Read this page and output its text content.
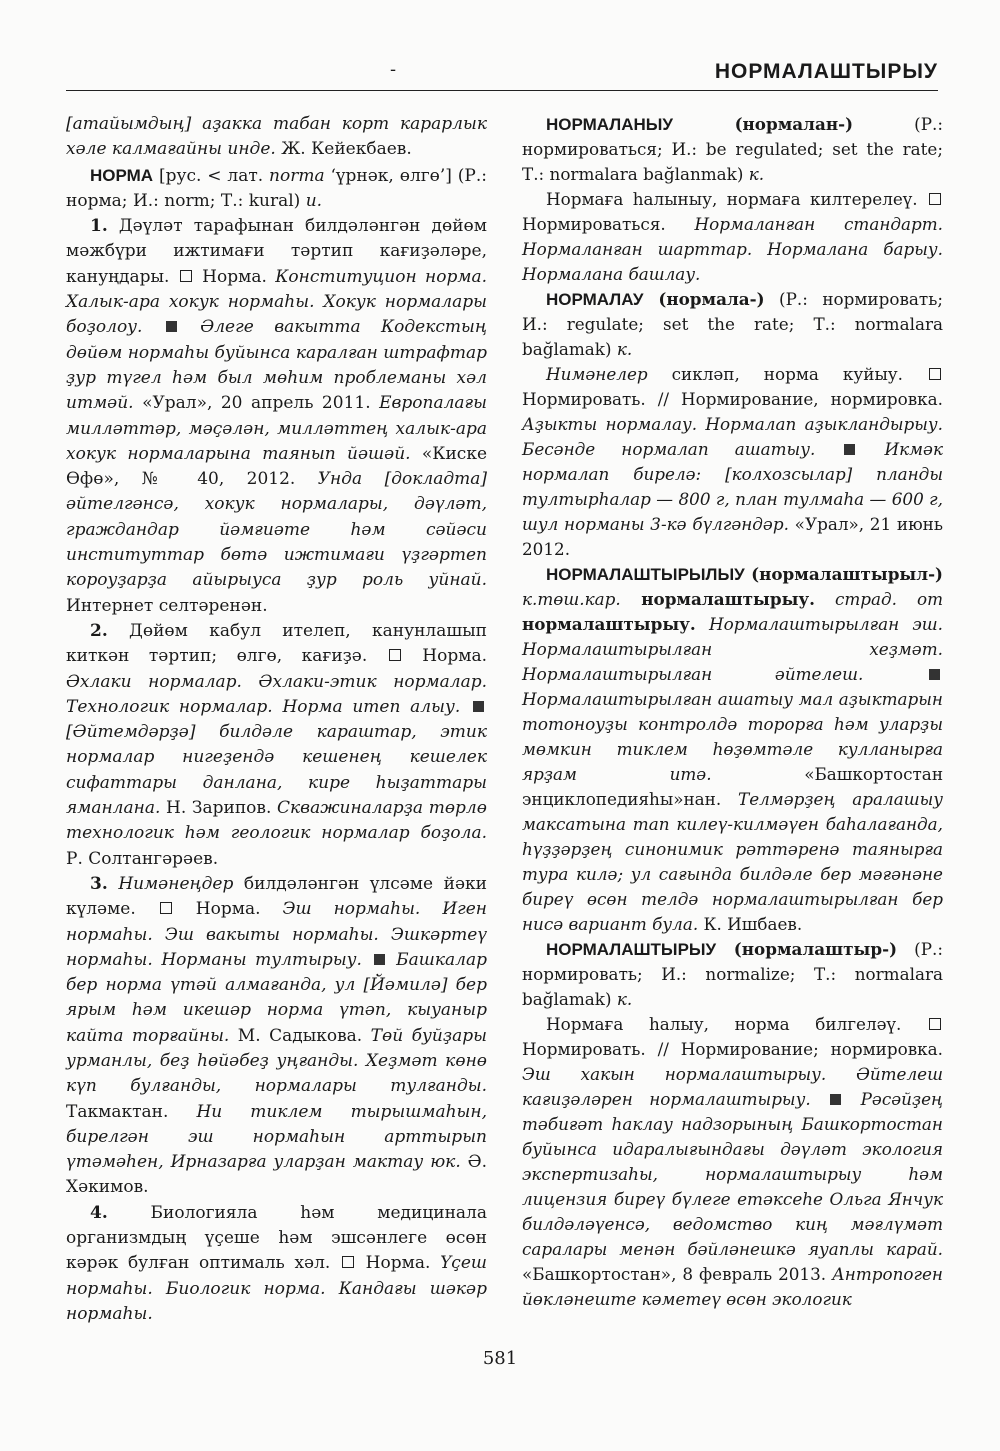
-	НОРМАЛАШТЫРЫУ

[атайымдың] аҙакка табан корт карарлык хәле калмағайны инде. Ж. Кейекбаев.

НОРМА [рус. < лат. norma ‘үрнәк, өлгө’] (Р.: норма; И.: norm; Т.: kural) и.

1. Дәүләт тарафынан билдәләнгән дөйөм мәжбүри ижтимағи тәртип кағиҙәләре, кануңдары.  Норма. Конституцион норма. Халык-ара хокук нормаһы. Хокук нормалары боҙолоу.  Әлеге вакытта Кодекстың дөйөм нормаһы буйынса каралған штрафтар ҙур түгел һәм был мөһим проблеманы хәл итмәй. «Урал», 20 апрель 2011. Европалағы милләттәр, мәҫәлән, милләттең халык-ара хокук нормаларына таянып йәшәй. «Киске Өфө», № 40, 2012. Унда [докладта] әйтелгәнсә, хокук нормалары, дәүләт, граждандар йәмғиәте һәм сәйәси институттар бөтә ижтимағи үҙгәртеп короуҙарҙа айырыуса ҙур роль уйнай. Интернет селтәренән.

2. Дөйөм кабул ителеп, канунлашып киткән тәртип; өлгө, кағиҙә.  Норма. Әхлаки нормалар. Әхлаки-этик нормалар. Технологик нормалар. Норма итеп алыу.  [Әйтемдәрҙә] билдәле караштар, этик нормалар нигеҙендә кешенең кешелек сифаттары данлана, кире һыҙаттары яманлана. Н. Зарипов. Скважиналарҙа төрлө технологик һәм геологик нормалар боҙола. Р. Солтангәрәев.

3. Нимәнеңдер билдәләнгән үлсәме йәки күләме.  Норма. Эш нормаһы. Иген нормаһы. Эш вакыты нормаһы. Эшкәртеү нормаһы. Норманы тултырыу.  Башкалар бер норма үтәй алмағанда, ул [Йәмилә] бер ярым һәм икешәр норма үтәп, кыуаныр кайта торғайны. М. Садыкова. Төй буйҙары урманлы, беҙ һөйәбеҙ уңғанды. Хеҙмәт көнө күп булғанды, нормалары тулғанды. Такмактан. Ни тиклем тырышмаһын, бирелгән эш нормаһын арттырып үтәмәһен, Ирназарға уларҙан мактау юк. Ә. Хәкимов.

4. Биологияла һәм медицинала организмдың үҫеше һәм эшсәнлеге өсөн кәрәк булған оптималь хәл.  Норма. Үҫеш нормаһы. Биологик норма. Кандағы шәкәр нормаһы.

НОРМАЛАНЫУ (нормалан-) (Р.: нормироваться; И.: be regulated; set the rate; Т.: normalara bağlanmak) к.

Нормаға һалыныу, нормаға килтерелеү.  Нормироваться. Нормаланған стандарт. Нормаланған шарттар. Нормалана барыу. Нормалана башлау.

НОРМАЛАУ (нормала-) (Р.: нормировать; И.: regulate; set the rate; Т.: normalara bağlamak) к.

Нимәнелер сикләп, норма куйыу.  Нормировать. // Нормирование, нормировка. Аҙыкты нормалау. Нормалап аҙыкландырыу. Бесәнде нормалап ашатыу.  Икмәк нормалап бирелә: [колхозсылар] планды тултырһалар — 800 г, план тулмаһа — 600 г, шул норманы 3-кә бүлгәндәр. «Урал», 21 июнь 2012.

НОРМАЛАШТЫРЫЛЫУ (нормалаштырыл-) к.төш.кар. нормалаштырыу. страд. от нормалаштырыу. Нормалаштырылған эш. Нормалаштырылған хеҙмәт. Нормалаштырылған әйтелеш.  Нормалаштырылған ашатыу мал аҙыктарын тотоноуҙы контролдә торорға һәм уларҙы мөмкин тиклем һөҙөмтәле кулланырға ярҙам итә. «Башкортостан энциклопедияһы»нан. Телмәрҙең аралашыу максатына тап килеү-килмәүен баһалағанда, һүҙҙәрҙең синонимик рәттәренә таянырға тура килә; ул сағында билдәле бер мәғәнәне биреү өсөн телдә нормалаштырылған бер нисә вариант була. К. Ишбаев.

НОРМАЛАШТЫРЫУ (нормалаштыр-) (Р.: нормировать; И.: normalize; Т.: normalara bağlamak) к.

Нормаға һалыу, норма билгеләү.  Нормировать. // Нормирование; нормировка. Эш хакын нормалаштырыу. Әйтелеш кағиҙәләрен нормалаштырыу.  Рәсәйҙең тәбиғәт һаклау надзорының Башкортостан буйынса идаралығындағы дәүләт экология экспертизаһы, нормалаштырыу һәм лицензия биреү бүлеге етәксеһе Ольга Янчук билдәләүенсә, ведомство киң мәғлүмәт саралары менән бәйләнешкә яуаплы карай. «Башкортостан», 8 февраль 2013. Антропоген йөкләнеште кәметеү өсөн экологик

581
